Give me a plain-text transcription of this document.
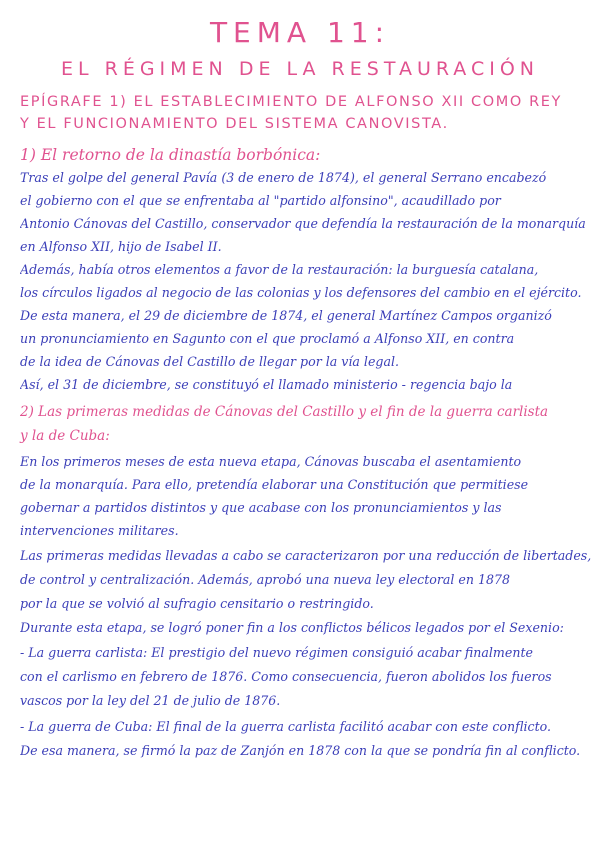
TEMA 11:
EL RÉGIMEN DE LA RESTAURACIÓN
EPÍGRAFE 1) EL ESTABLECIMIENTO DE ALFONSO XII COMO REY
Y EL FUNCIONAMIENTO DEL SISTEMA CANOVISTA.
1) El retorno de la dinastía borbónica:
Tras el golpe del general Pavía (3 de enero de 1874), el general Serrano encabezó
el gobierno con el que se enfrentaba al "partido alfonsino", acaudillado por
Antonio Cánovas del Castillo, conservador que defendía la restauración de la monarquía
en Alfonso XII, hijo de Isabel II.
Además, había otros elementos a favor de la restauración: la burguesía catalana,
los círculos ligados al negocio de las colonias y los defensores del cambio en el ejército.
De esta manera, el 29 de diciembre de 1874, el general Martínez Campos organizó
un pronunciamiento en Sagunto con el que proclamó a Alfonso XII, en contra
de la idea de Cánovas del Castillo de llegar por la vía legal.
Así, el 31 de diciembre, se constituyó el llamado ministerio - regencia bajo la
2) Las primeras medidas de Cánovas del Castillo y el fin de la guerra carlista
y la de Cuba:
En los primeros meses de esta nueva etapa, Cánovas buscaba el asentamiento
de la monarquía. Para ello, pretendía elaborar una Constitución que permitiese
gobernar a partidos distintos y que acabase con los pronunciamientos y las
intervenciones militares.
Las primeras medidas llevadas a cabo se caracterizaron por una reducción de libertades,
de control y centralización. Además, aprobó una nueva ley electoral en 1878
por la que se volvió al sufragio censitario o restringido.
Durante esta etapa, se logró poner fin a los conflictos bélicos legados por el Sexenio:
- La guerra carlista: El prestigio del nuevo régimen consiguió acabar finalmente
con el carlismo en febrero de 1876. Como consecuencia, fueron abolidos los fueros
vascos por la ley del 21 de julio de 1876.
- La guerra de Cuba: El final de la guerra carlista facilitó acabar con este conflicto.
De esa manera, se firmó la paz de Zanjón en 1878 con la que se pondría fin al conflicto.
